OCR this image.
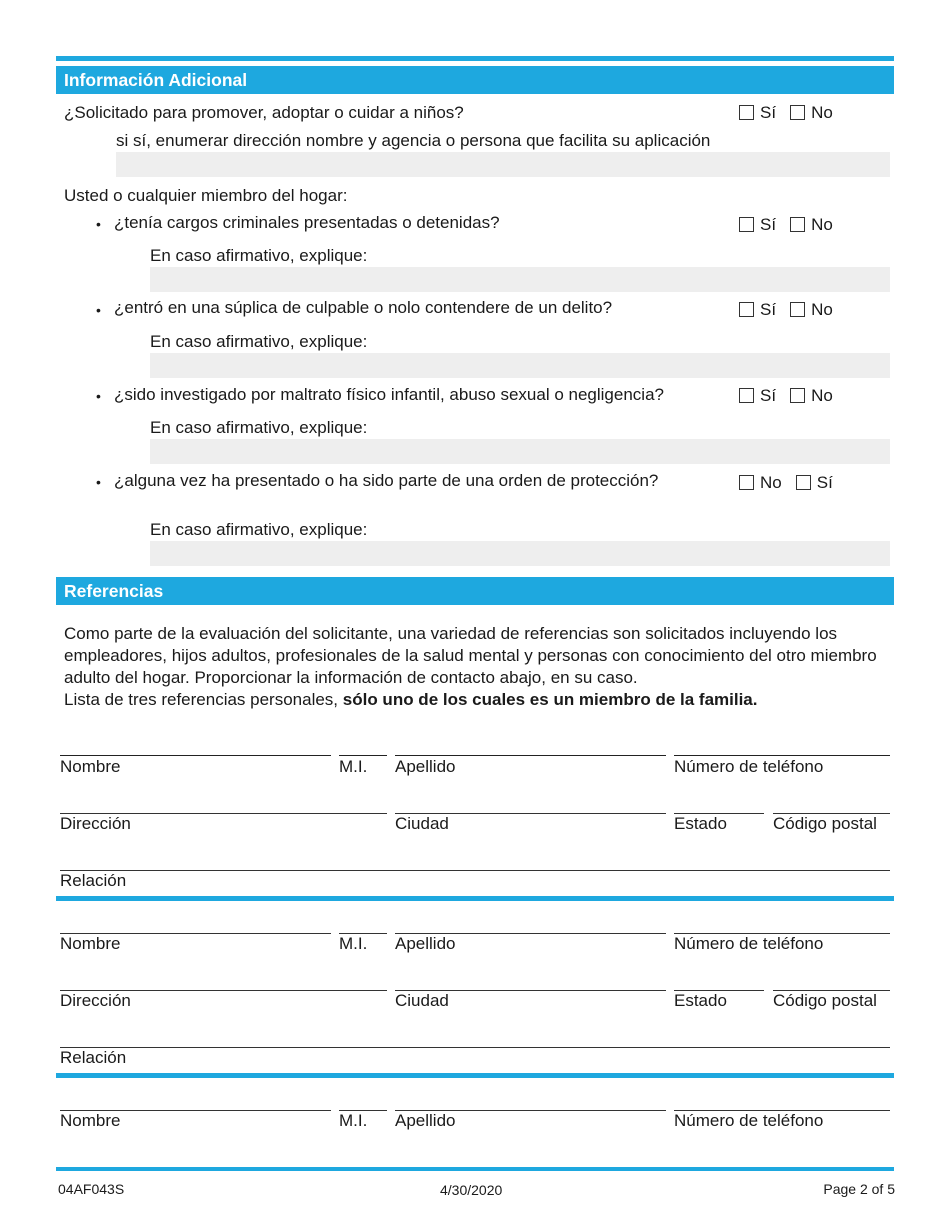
Información Adicional
¿Solicitado para promover, adoptar o cuidar a niños?	Sí No
si sí, enumerar dirección nombre y agencia o persona que facilita su aplicación
Usted o cualquier miembro del hogar:
• ¿tenía cargos criminales presentadas o detenidas?	Sí No
En caso afirmativo, explique:
• ¿entró en una súplica de culpable o nolo contendere de un delito?	Sí No
En caso afirmativo, explique:
• ¿sido investigado por maltrato físico infantil, abuso sexual o negligencia?	Sí No
En caso afirmativo, explique:
• ¿alguna vez ha presentado o ha sido parte de una orden de protección?	No Sí
En caso afirmativo, explique:
Referencias
Como parte de la evaluación del solicitante, una variedad de referencias son solicitados incluyendo los empleadores, hijos adultos, profesionales de la salud mental y personas con conocimiento del otro miembro adulto del hogar. Proporcionar la información de contacto abajo, en su caso.
Lista de tres referencias personales, sólo uno de los cuales es un miembro de la familia.
Nombre	M.I. Apellido	Número de teléfono
Dirección	Ciudad	Estado	Código postal
Relación
Nombre	M.I. Apellido	Número de teléfono
Dirección	Ciudad	Estado	Código postal
Relación
Nombre	M.I. Apellido	Número de teléfono
04AF043S	4/30/2020	Page 2 of 5
